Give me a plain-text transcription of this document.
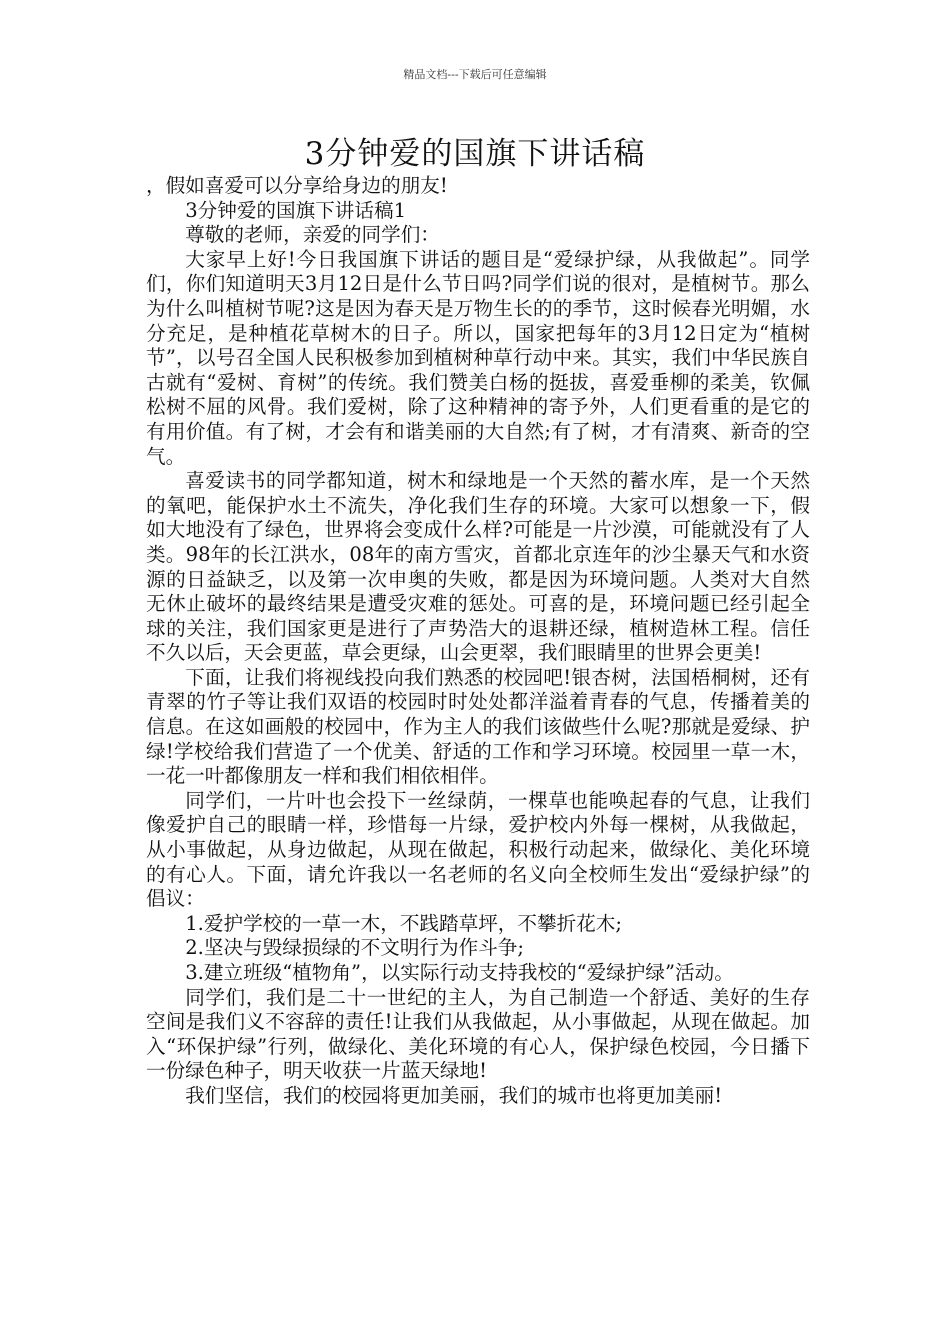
精品文档---下载后可任意编辑
3分钟爱的国旗下讲话稿

，假如喜爱可以分享给身边的朋友!

3分钟爱的国旗下讲话稿1

尊敬的老师，亲爱的同学们：

大家早上好!今日我国旗下讲话的题目是“爱绿护绿，从我做起”。同学们，你们知道明天3月12日是什么节日吗?同学们说的很对，是植树节。那么为什么叫植树节呢?这是因为春天是万物生长的的季节，这时候春光明媚，水分充足，是种植花草树木的日子。所以，国家把每年的3月12日定为“植树节”，以号召全国人民积极参加到植树种草行动中来。其实，我们中华民族自古就有“爱树、育树”的传统。我们赞美白杨的挺拔，喜爱垂柳的柔美，钦佩松树不屈的风骨。我们爱树，除了这种精神的寄予外，人们更看重的是它的有用价值。有了树，才会有和谐美丽的大自然;有了树，才有清爽、新奇的空气。

喜爱读书的同学都知道，树木和绿地是一个天然的蓄水库，是一个天然的氧吧，能保护水土不流失，净化我们生存的环境。大家可以想象一下，假如大地没有了绿色，世界将会变成什么样?可能是一片沙漠，可能就没有了人类。98年的长江洪水，08年的南方雪灾，首都北京连年的沙尘暴天气和水资源的日益缺乏，以及第一次申奥的失败，都是因为环境问题。人类对大自然无休止破坏的最终结果是遭受灾难的惩处。可喜的是，环境问题已经引起全球的关注，我们国家更是进行了声势浩大的退耕还绿，植树造林工程。信任不久以后，天会更蓝，草会更绿，山会更翠，我们眼睛里的世界会更美!

下面，让我们将视线投向我们熟悉的校园吧!银杏树，法国梧桐树，还有青翠的竹子等让我们双语的校园时时处处都洋溢着青春的气息，传播着美的信息。在这如画般的校园中，作为主人的我们该做些什么呢?那就是爱绿、护绿!学校给我们营造了一个优美、舒适的工作和学习环境。校园里一草一木，一花一叶都像朋友一样和我们相依相伴。

同学们，一片叶也会投下一丝绿荫，一棵草也能唤起春的气息，让我们像爱护自己的眼睛一样，珍惜每一片绿，爱护校内外每一棵树，从我做起，从小事做起，从身边做起，从现在做起，积极行动起来，做绿化、美化环境的有心人。下面，请允许我以一名老师的名义向全校师生发出“爱绿护绿”的倡议：

1.爱护学校的一草一木，不践踏草坪，不攀折花木;

2.坚决与毁绿损绿的不文明行为作斗争;

3.建立班级“植物角”，以实际行动支持我校的“爱绿护绿”活动。

同学们，我们是二十一世纪的主人，为自己制造一个舒适、美好的生存空间是我们义不容辞的责任!让我们从我做起，从小事做起，从现在做起。加入“环保护绿”行列，做绿化、美化环境的有心人，保护绿色校园，今日播下一份绿色种子，明天收获一片蓝天绿地!

我们坚信，我们的校园将更加美丽，我们的城市也将更加美丽!
